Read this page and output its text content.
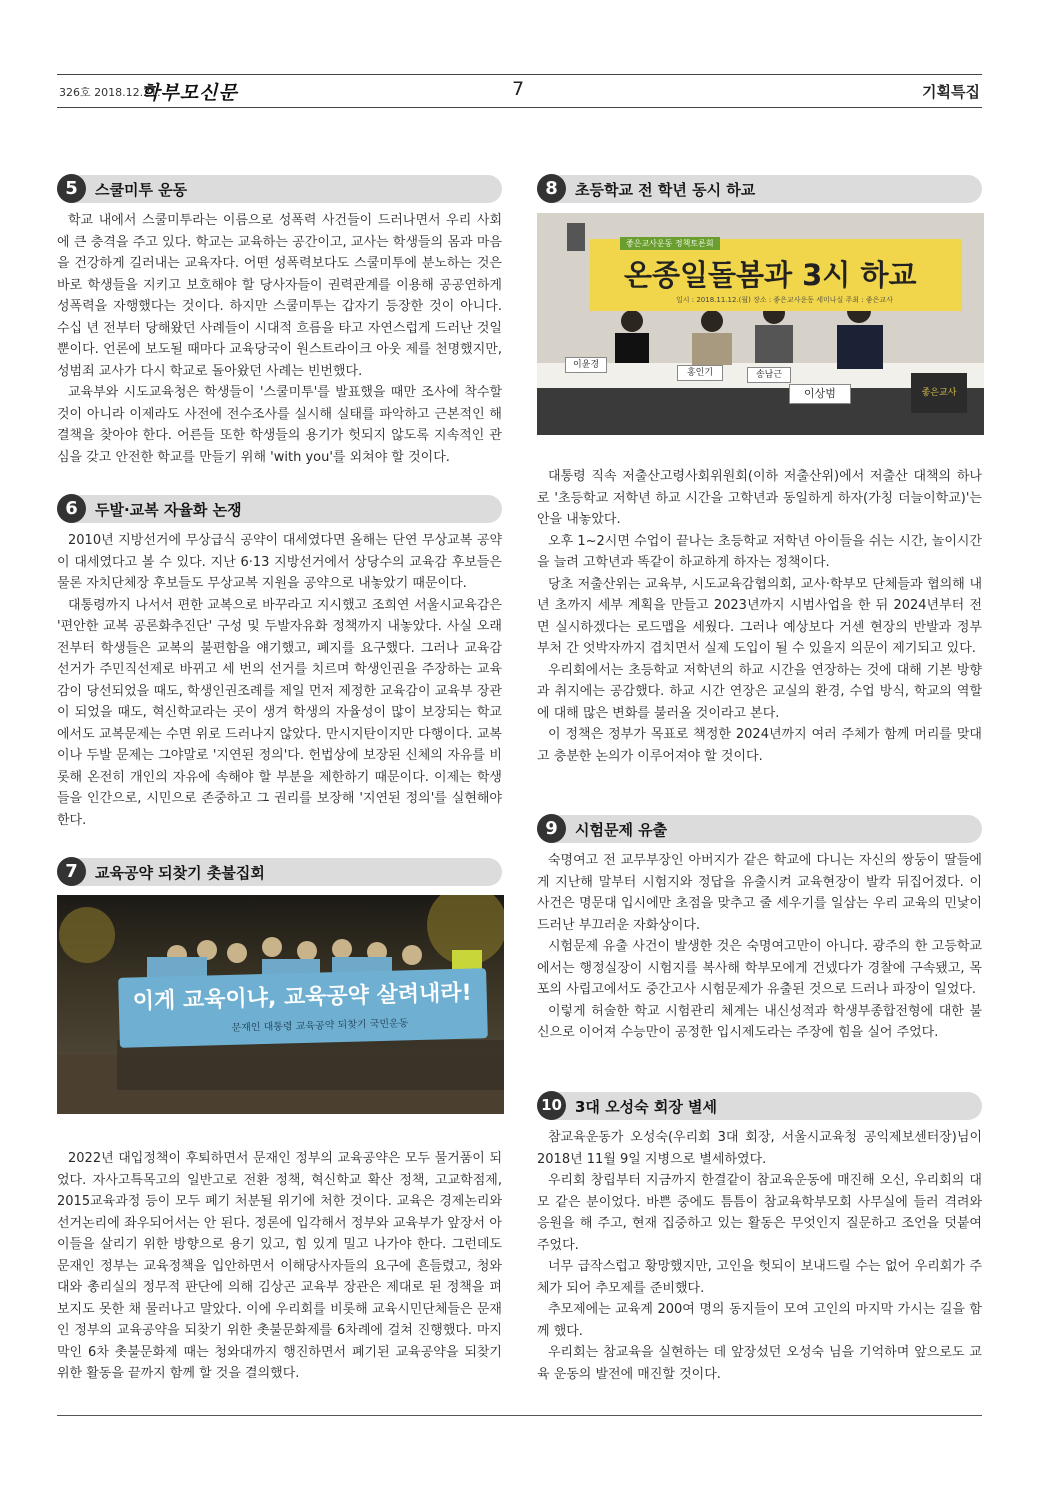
326호 2018.12.21.
학부모신문	7	기획특집
5	스쿨미투 운동

학교 내에서 스쿨미투라는 이름으로 성폭력 사건들이 드러나면서 우리 사회에 큰 충격을 주고 있다. 학교는 교육하는 공간이고, 교사는 학생들의 몸과 마음을 건강하게 길러내는 교육자다. 어떤 성폭력보다도 스쿨미투에 분노하는 것은 바로 학생들을 지키고 보호해야 할 당사자들이 권력관계를 이용해 공공연하게 성폭력을 자행했다는 것이다. 하지만 스쿨미투는 갑자기 등장한 것이 아니다. 수십 년 전부터 당해왔던 사례들이 시대적 흐름을 타고 자연스럽게 드러난 것일 뿐이다. 언론에 보도될 때마다 교육당국이 원스트라이크 아웃 제를 천명했지만, 성범죄 교사가 다시 학교로 돌아왔던 사례는 빈번했다.

교육부와 시도교육청은 학생들이 '스쿨미투'를 발표했을 때만 조사에 착수할 것이 아니라 이제라도 사전에 전수조사를 실시해 실태를 파악하고 근본적인 해결책을 찾아야 한다. 어른들 또한 학생들의 용기가 헛되지 않도록 지속적인 관심을 갖고 안전한 학교를 만들기 위해 'with you'를 외쳐야 할 것이다.

6	두발·교복 자율화 논쟁

2010년 지방선거에 무상급식 공약이 대세였다면 올해는 단연 무상교복 공약이 대세였다고 볼 수 있다. 지난 6·13 지방선거에서 상당수의 교육감 후보들은 물론 자치단체장 후보들도 무상교복 지원을 공약으로 내놓았기 때문이다.

대통령까지 나서서 편한 교복으로 바꾸라고 지시했고 조희연 서울시교육감은 '편안한 교복 공론화추진단' 구성 및 두발자유화 정책까지 내놓았다. 사실 오래전부터 학생들은 교복의 불편함을 얘기했고, 폐지를 요구했다. 그러나 교육감 선거가 주민직선제로 바뀌고 세 번의 선거를 치르며 학생인권을 주장하는 교육감이 당선되었을 때도, 학생인권조례를 제일 먼저 제정한 교육감이 교육부 장관이 되었을 때도, 혁신학교라는 곳이 생겨 학생의 자율성이 많이 보장되는 학교에서도 교복문제는 수면 위로 드러나지 않았다. 만시지탄이지만 다행이다. 교복이나 두발 문제는 그야말로 '지연된 정의'다. 헌법상에 보장된 신체의 자유를 비롯해 온전히 개인의 자유에 속해야 할 부분을 제한하기 때문이다. 이제는 학생들을 인간으로, 시민으로 존중하고 그 권리를 보장해 '지연된 정의'를 실현해야 한다.

7	교육공약 되찾기 촛불집회
이게 교육이냐, 교육공약 살려내라!
문재인 대통령 교육공약 되찾기 국민운동

2022년 대입정책이 후퇴하면서 문재인 정부의 교육공약은 모두 물거품이 되었다. 자사고특목고의 일반고로 전환 정책, 혁신학교 확산 정책, 고교학점제, 2015교육과정 등이 모두 폐기 처분될 위기에 처한 것이다. 교육은 경제논리와 선거논리에 좌우되어서는 안 된다. 정론에 입각해서 정부와 교육부가 앞장서 아이들을 살리기 위한 방향으로 용기 있고, 힘 있게 밀고 나가야 한다. 그런데도 문재인 정부는 교육정책을 입안하면서 이해당사자들의 요구에 흔들렸고, 청와대와 총리실의 정무적 판단에 의해 김상곤 교육부 장관은 제대로 된 정책을 펴보지도 못한 채 물러나고 말았다. 이에 우리회를 비롯해 교육시민단체들은 문재인 정부의 교육공약을 되찾기 위한 촛불문화제를 6차례에 걸쳐 진행했다. 마지막인 6차 촛불문화제 때는 청와대까지 행진하면서 폐기된 교육공약을 되찾기 위한 활동을 끝까지 함께 할 것을 결의했다.

8	초등학교 전 학년 동시 하교
좋은교사운동 정책토론회
온종일돌봄과 3시 하교
일시 : 2018.11.12.(월) 장소 : 좋은교사운동 세미나실 주최 : 좋은교사
이윤경
홍인기	송남근
이상범	좋은교사

대통령 직속 저출산고령사회위원회(이하 저출산위)에서 저출산 대책의 하나로 '초등학교 저학년 하교 시간을 고학년과 동일하게 하자(가칭 더늘이학교)'는 안을 내놓았다.

오후 1~2시면 수업이 끝나는 초등학교 저학년 아이들을 쉬는 시간, 놀이시간을 늘려 고학년과 똑같이 하교하게 하자는 정책이다.

당초 저출산위는 교육부, 시도교육감협의회, 교사·학부모 단체들과 협의해 내년 초까지 세부 계획을 만들고 2023년까지 시범사업을 한 뒤 2024년부터 전면 실시하겠다는 로드맵을 세웠다. 그러나 예상보다 거센 현장의 반발과 정부 부처 간 엇박자까지 겹치면서 실제 도입이 될 수 있을지 의문이 제기되고 있다.

우리회에서는 초등학교 저학년의 하교 시간을 연장하는 것에 대해 기본 방향과 취지에는 공감했다. 하교 시간 연장은 교실의 환경, 수업 방식, 학교의 역할에 대해 많은 변화를 불러올 것이라고 본다.

이 정책은 정부가 목표로 책정한 2024년까지 여러 주체가 함께 머리를 맞대고 충분한 논의가 이루어져야 할 것이다.

9	시험문제 유출

숙명여고 전 교무부장인 아버지가 같은 학교에 다니는 자신의 쌍둥이 딸들에게 지난해 말부터 시험지와 정답을 유출시켜 교육현장이 발칵 뒤집어졌다. 이 사건은 명문대 입시에만 초점을 맞추고 줄 세우기를 일삼는 우리 교육의 민낯이 드러난 부끄러운 자화상이다.

시험문제 유출 사건이 발생한 것은 숙명여고만이 아니다. 광주의 한 고등학교에서는 행정실장이 시험지를 복사해 학부모에게 건넸다가 경찰에 구속됐고, 목포의 사립고에서도 중간고사 시험문제가 유출된 것으로 드러나 파장이 일었다.

이렇게 허술한 학교 시험관리 체계는 내신성적과 학생부종합전형에 대한 불신으로 이어져 수능만이 공정한 입시제도라는 주장에 힘을 실어 주었다.

10 3대 오성숙 회장 별세

참교육운동가 오성숙(우리회 3대 회장, 서울시교육청 공익제보센터장)님이 2018년 11월 9일 지병으로 별세하였다.

우리회 창립부터 지금까지 한결같이 참교육운동에 매진해 오신, 우리회의 대모 같은 분이었다. 바쁜 중에도 틈틈이 참교육학부모회 사무실에 들러 격려와 응원을 해 주고, 현재 집중하고 있는 활동은 무엇인지 질문하고 조언을 덧붙여 주었다.

너무 급작스럽고 황망했지만, 고인을 헛되이 보내드릴 수는 없어 우리회가 주체가 되어 추모제를 준비했다.

추모제에는 교육계 200여 명의 동지들이 모여 고인의 마지막 가시는 길을 함께 했다.

우리회는 참교육을 실현하는 데 앞장섰던 오성숙 님을 기억하며 앞으로도 교육 운동의 발전에 매진할 것이다.
